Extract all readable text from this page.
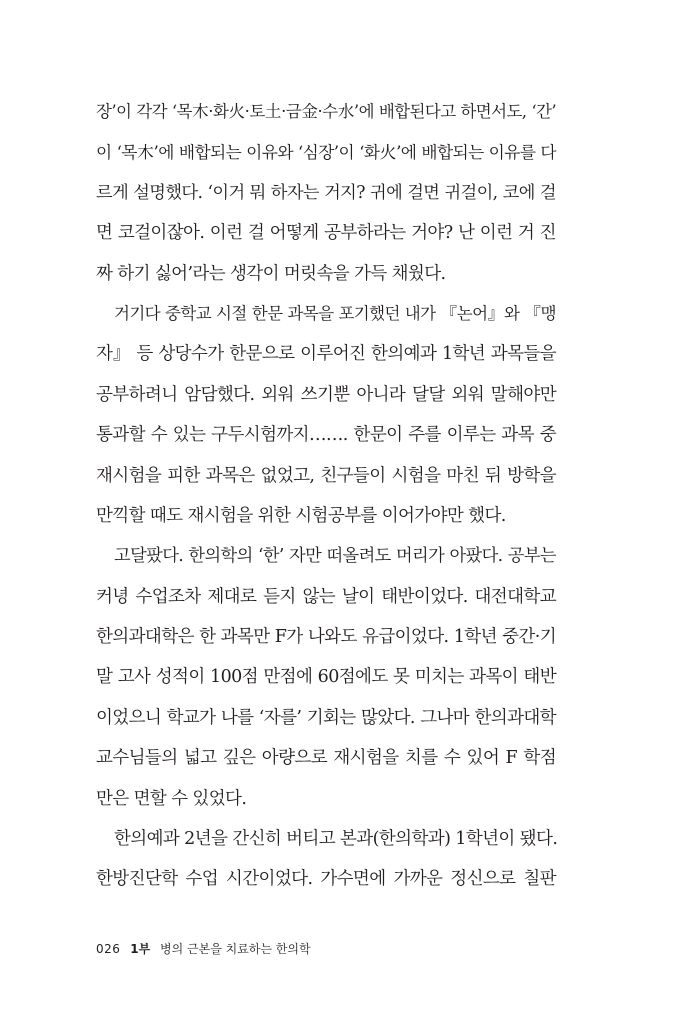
장’이 각각 ‘목木·화火·토土·금金·수水’에 배합된다고 하면서도, ‘간’
이 ‘목木’에 배합되는 이유와 ‘심장’이 ‘화火’에 배합되는 이유를 다
르게 설명했다. ‘이거 뭐 하자는 거지? 귀에 걸면 귀걸이, 코에 걸
면 코걸이잖아. 이런 걸 어떻게 공부하라는 거야? 난 이런 거 진
짜 하기 싫어’라는 생각이 머릿속을 가득 채웠다.
거기다 중학교 시절 한문 과목을 포기했던 내가 『논어』와 『맹
자』 등 상당수가 한문으로 이루어진 한의예과 1학년 과목들을
공부하려니 암담했다. 외워 쓰기뿐 아니라 달달 외워 말해야만
통과할 수 있는 구두시험까지……. 한문이 주를 이루는 과목 중
재시험을 피한 과목은 없었고, 친구들이 시험을 마친 뒤 방학을
만끽할 때도 재시험을 위한 시험공부를 이어가야만 했다.
고달팠다. 한의학의 ‘한’ 자만 떠올려도 머리가 아팠다. 공부는
커녕 수업조차 제대로 듣지 않는 날이 태반이었다. 대전대학교
한의과대학은 한 과목만 F가 나와도 유급이었다. 1학년 중간·기
말 고사 성적이 100점 만점에 60점에도 못 미치는 과목이 태반
이었으니 학교가 나를 ‘자를’ 기회는 많았다. 그나마 한의과대학
교수님들의 넓고 깊은 아량으로 재시험을 치를 수 있어 F 학점
만은 면할 수 있었다.
한의예과 2년을 간신히 버티고 본과(한의학과) 1학년이 됐다.
한방진단학 수업 시간이었다. 가수면에 가까운 정신으로 칠판
026 1부 병의 근본을 치료하는 한의학
